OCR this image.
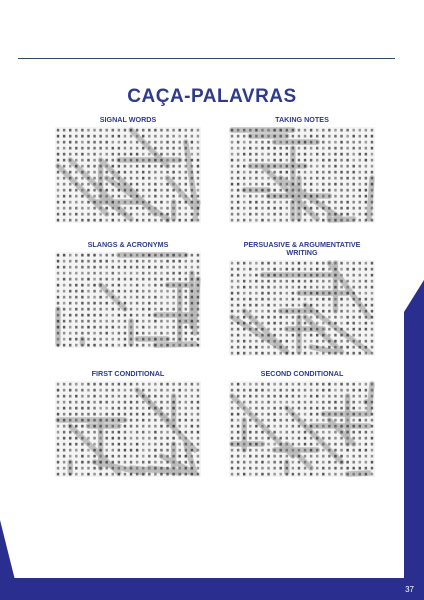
CAÇA-PALAVRAS
SIGNAL WORDS	TAKING NOTES
SLANGS & ACRONYMS	PERSUASIVE & ARGUMENTATIVE WRITING
FIRST CONDITIONAL	SECOND CONDITIONAL
37
